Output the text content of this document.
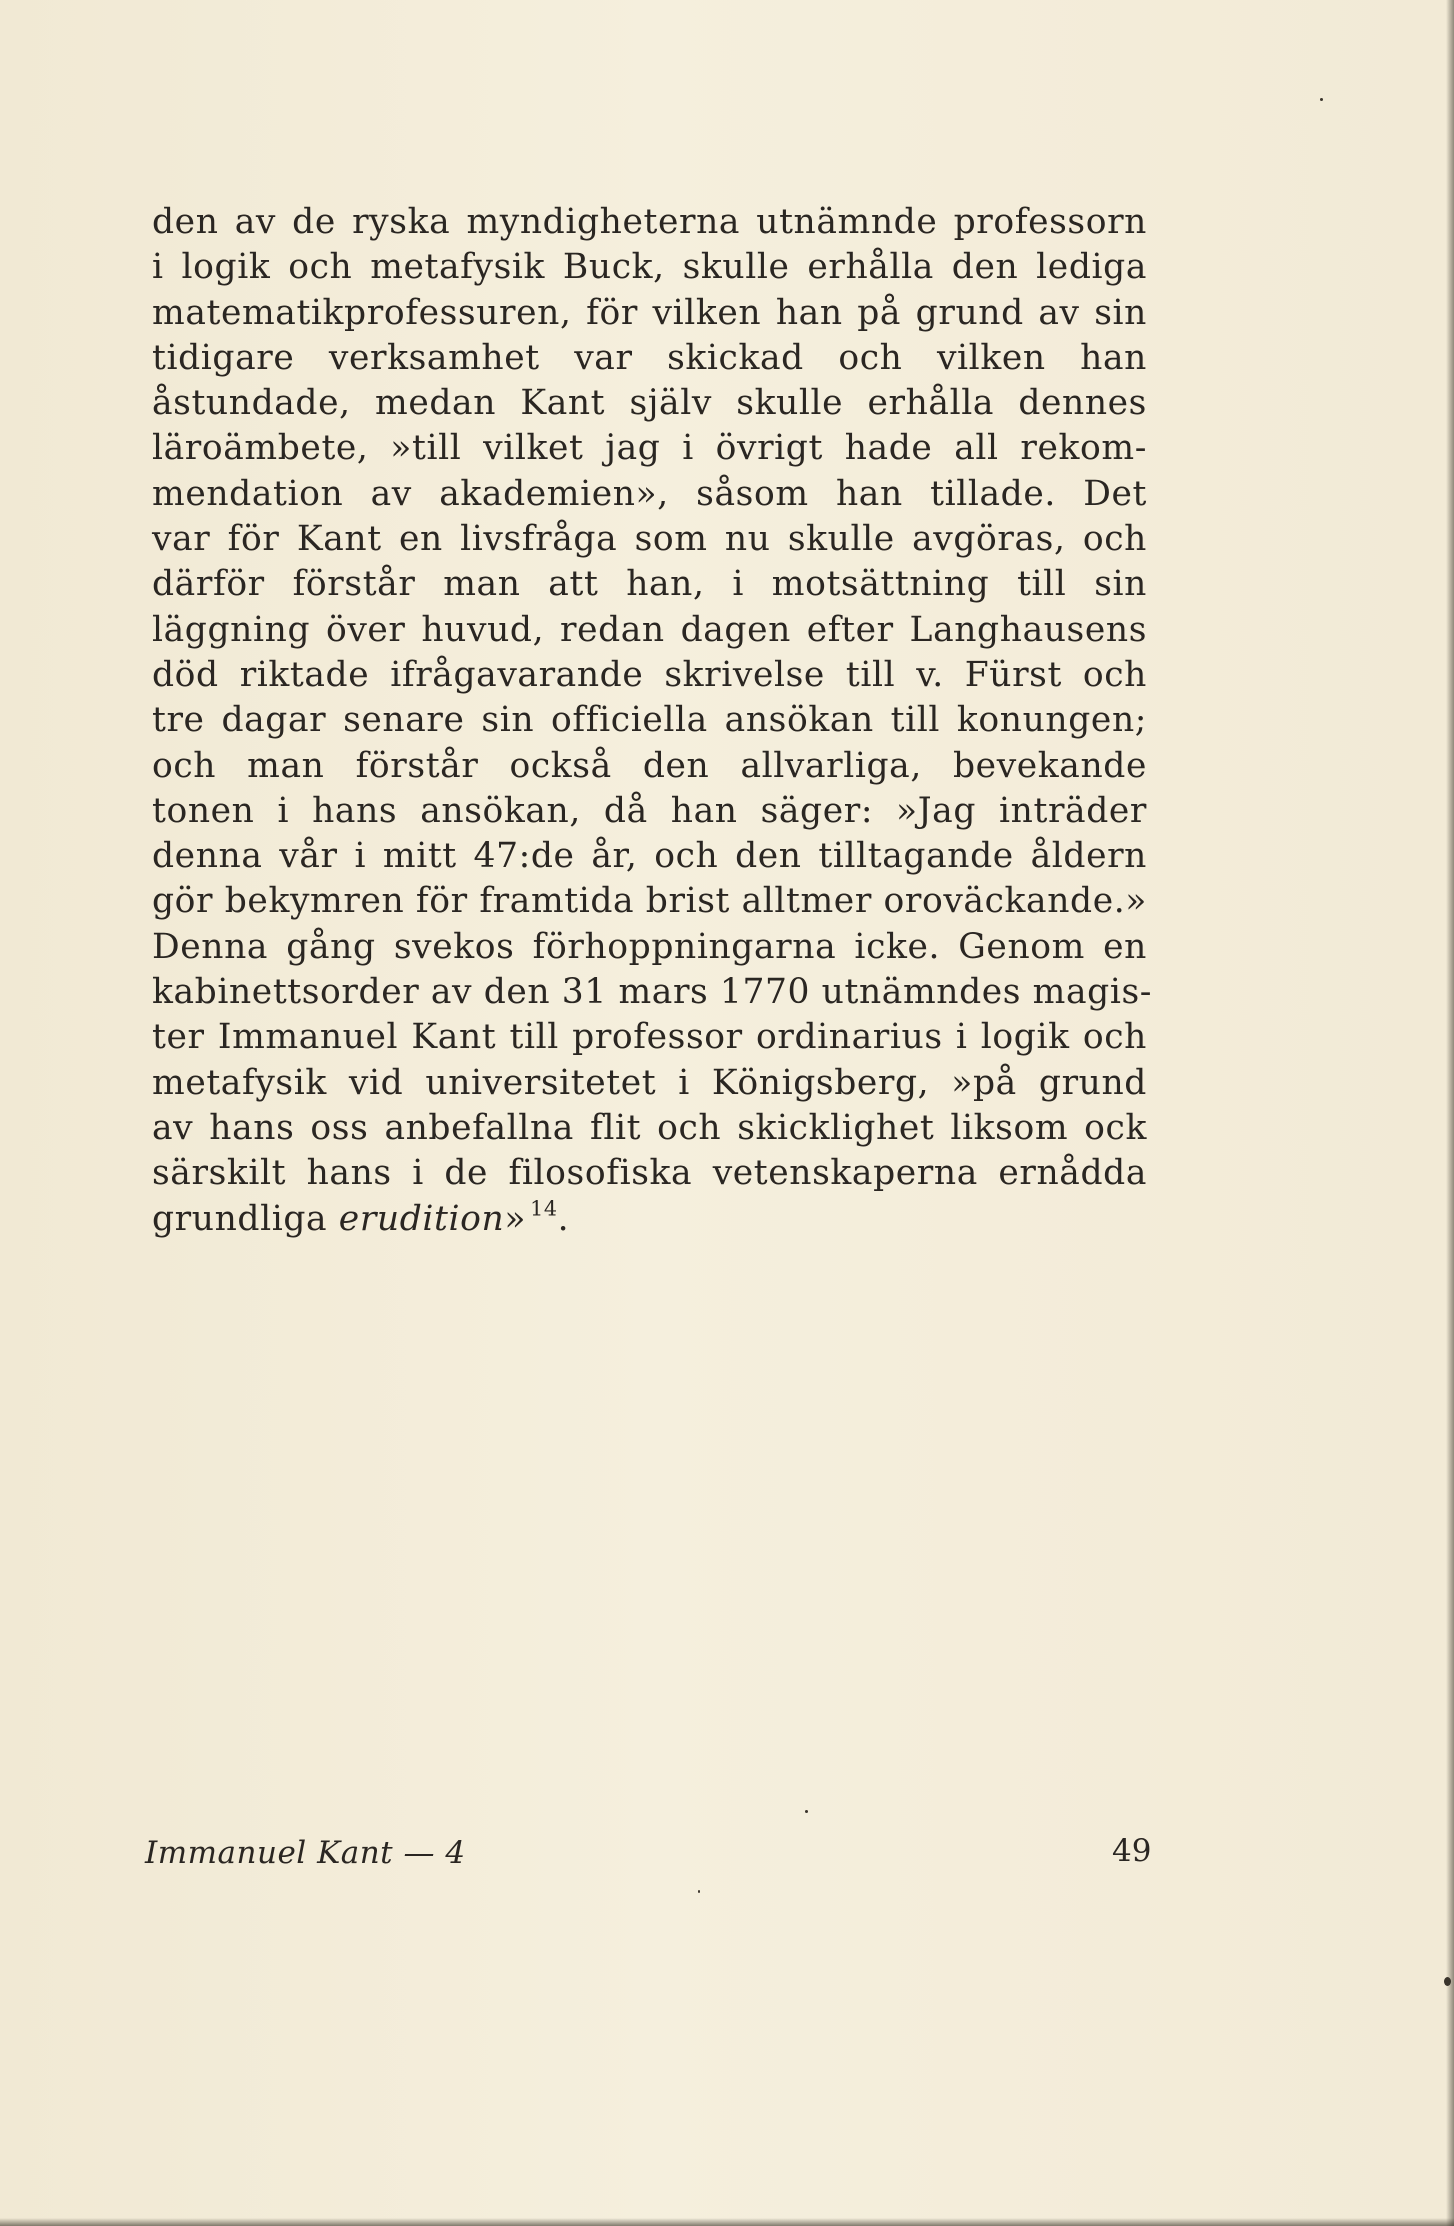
den av de ryska myndigheterna utnämnde professorn
i logik och metafysik Buck, skulle erhålla den lediga
matematikprofessuren, för vilken han på grund av sin
tidigare verksamhet var skickad och vilken han
åstundade, medan Kant själv skulle erhålla dennes
läroämbete, »till vilket jag i övrigt hade all rekom-
mendation av akademien», såsom han tillade. Det
var för Kant en livsfråga som nu skulle avgöras, och
därför förstår man att han, i motsättning till sin
läggning över huvud, redan dagen efter Langhausens
död riktade ifrågavarande skrivelse till v. Fürst och
tre dagar senare sin officiella ansökan till konungen;
och man förstår också den allvarliga, bevekande
tonen i hans ansökan, då han säger: »Jag inträder
denna vår i mitt 47:de år, och den tilltagande åldern
gör bekymren för framtida brist alltmer oroväckande.»
Denna gång svekos förhoppningarna icke. Genom en
kabinettsorder av den 31 mars 1770 utnämndes magis-
ter Immanuel Kant till professor ordinarius i logik och
metafysik vid universitetet i Königsberg, »på grund
av hans oss anbefallna flit och skicklighet liksom ock
särskilt hans i de filosofiska vetenskaperna ernådda
grundliga erudition»  $^{14}$.
Immanuel Kant — 4	49
